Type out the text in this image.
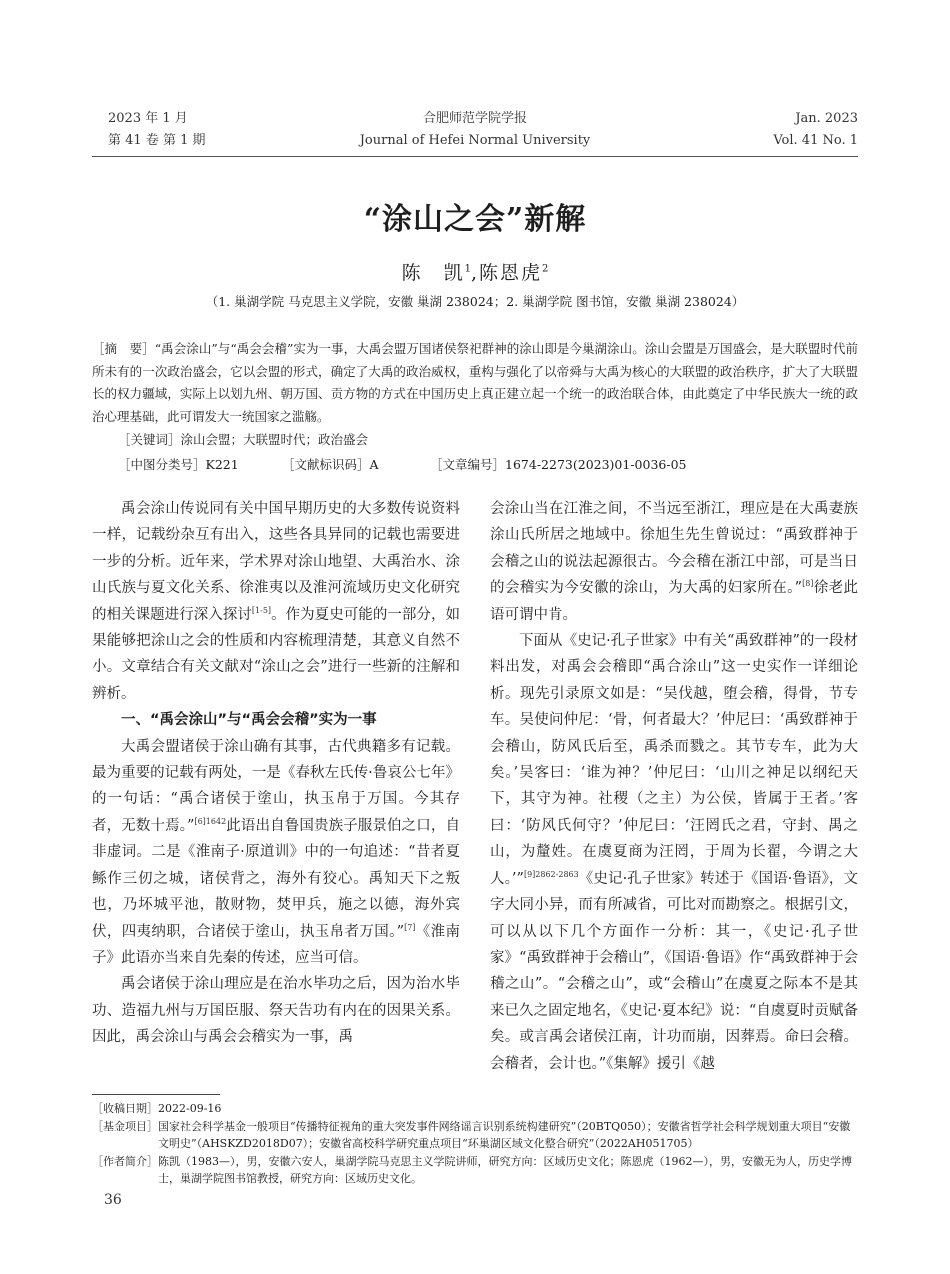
2023 年 1 月
第 41 卷 第 1 期
合肥师范学院学报
Journal of Hefei Normal University
Jan. 2023
Vol. 41 No. 1
“涂山之会”新解
陈　凯$^1$,陈恩虎$^2$
（1. 巢湖学院 马克思主义学院，安徽 巢湖 238024；2. 巢湖学院 图书馆，安徽 巢湖 238024）
［摘　要］“禹会涂山”与“禹会会稽”实为一事，大禹会盟万国诸侯祭祀群神的涂山即是今巢湖涂山。涂山会盟是万国盛会，是大联盟时代前所未有的一次政治盛会，它以会盟的形式，确定了大禹的政治威权，重构与强化了以帝舜与大禹为核心的大联盟的政治秩序，扩大了大联盟长的权力疆域，实际上以划九州、朝万国、贡方物的方式在中国历史上真正建立起一个统一的政治联合体，由此奠定了中华民族大一统的政治心理基础，此可谓发大一统国家之滥觞。
［关键词］涂山会盟；大联盟时代；政治盛会
［中图分类号］K221	［文献标识码］A	［文章编号］1674-2273(2023)01-0036-05

禹会涂山传说同有关中国早期历史的大多数传说资料一样，记载纷杂互有出入，这些各具异同的记载也需要进一步的分析。近年来，学术界对涂山地望、大禹治水、涂山氏族与夏文化关系、徐淮夷以及淮河流域历史文化研究的相关课题进行深入探讨[1-5]。作为夏史可能的一部分，如果能够把涂山之会的性质和内容梳理清楚，其意义自然不小。文章结合有关文献对“涂山之会”进行一些新的注解和辨析。

一、“禹会涂山”与“禹会会稽”实为一事

大禹会盟诸侯于涂山确有其事，古代典籍多有记载。最为重要的记载有两处，一是《春秋左氏传·鲁哀公七年》的一句话：“禹合诸侯于塗山，执玉帛于万国。今其存者，无数十焉。”$^{[6]1642}$此语出自鲁国贵族子服景伯之口，自非虚词。二是《淮南子·原道训》中的一句追述：“昔者夏鲧作三仞之城，诸侯背之，海外有狡心。禹知天下之叛也，乃坏城平池，散财物，焚甲兵，施之以德，海外宾伏，四夷纳职，合诸侯于塗山，执玉帛者万国。”[7]《淮南子》此语亦当来自先秦的传述，应当可信。

禹会诸侯于涂山理应是在治水毕功之后，因为治水毕功、造福九州与万国臣服、祭天告功有内在的因果关系。因此，禹会涂山与禹会会稽实为一事，禹

会涂山当在江淮之间，不当远至浙江，理应是在大禹妻族涂山氏所居之地域中。徐旭生先生曾说过：“禹致群神于会稽之山的说法起源很古。今会稽在浙江中部，可是当日的会稽实为今安徽的涂山，为大禹的妇家所在。”[8]徐老此语可谓中肯。

下面从《史记·孔子世家》中有关“禹致群神”的一段材料出发，对禹会会稽即“禹合涂山”这一史实作一详细论析。现先引录原文如是：“吴伐越，堕会稽，得骨，节专车。吴使问仲尼：‘骨，何者最大？’仲尼曰：‘禹致群神于会稽山，防风氏后至，禹杀而戮之。其节专车，此为大矣。’吴客曰：‘谁为神？’仲尼曰：‘山川之神足以纲纪天下，其守为神。社稷（之主）为公侯，皆属于王者。’客曰：‘防风氏何守？’仲尼曰：‘汪罔氏之君，守封、禺之山，为釐姓。在虞夏商为汪罔，于周为长翟，今谓之大人。’”$^{[9]2862-2863}$《史记·孔子世家》转述于《国语·鲁语》，文字大同小异，而有所减省，可比对而勘察之。根据引文，可以从以下几个方面作一分析：其一，《史记·孔子世家》“禹致群神于会稽山”，《国语·鲁语》作“禹致群神于会稽之山”。“会稽之山”，或“会稽山”在虞夏之际本不是其来已久之固定地名，《史记·夏本纪》说：“自虞夏时贡赋备矣。或言禹会诸侯江南，计功而崩，因葬焉。命曰会稽。会稽者，会计也。”《集解》援引《越

［收稿日期］ 2022-09-16
［基金项目］ 国家社会科学基金一般项目“传播特征视角的重大突发事件网络谣言识别系统构建研究”（20BTQ050）；安徽省哲学社会科学规划重大项目“安徽文明史”（AHSKZD2018D07）；安徽省高校科学研究重点项目“环巢湖区域文化整合研究”（2022AH051705）
［作者简介］ 陈凯（1983—），男，安徽六安人，巢湖学院马克思主义学院讲师，研究方向：区域历史文化；陈恩虎（1962—），男，安徽无为人，历史学博士，巢湖学院图书馆教授，研究方向：区域历史文化。
36
